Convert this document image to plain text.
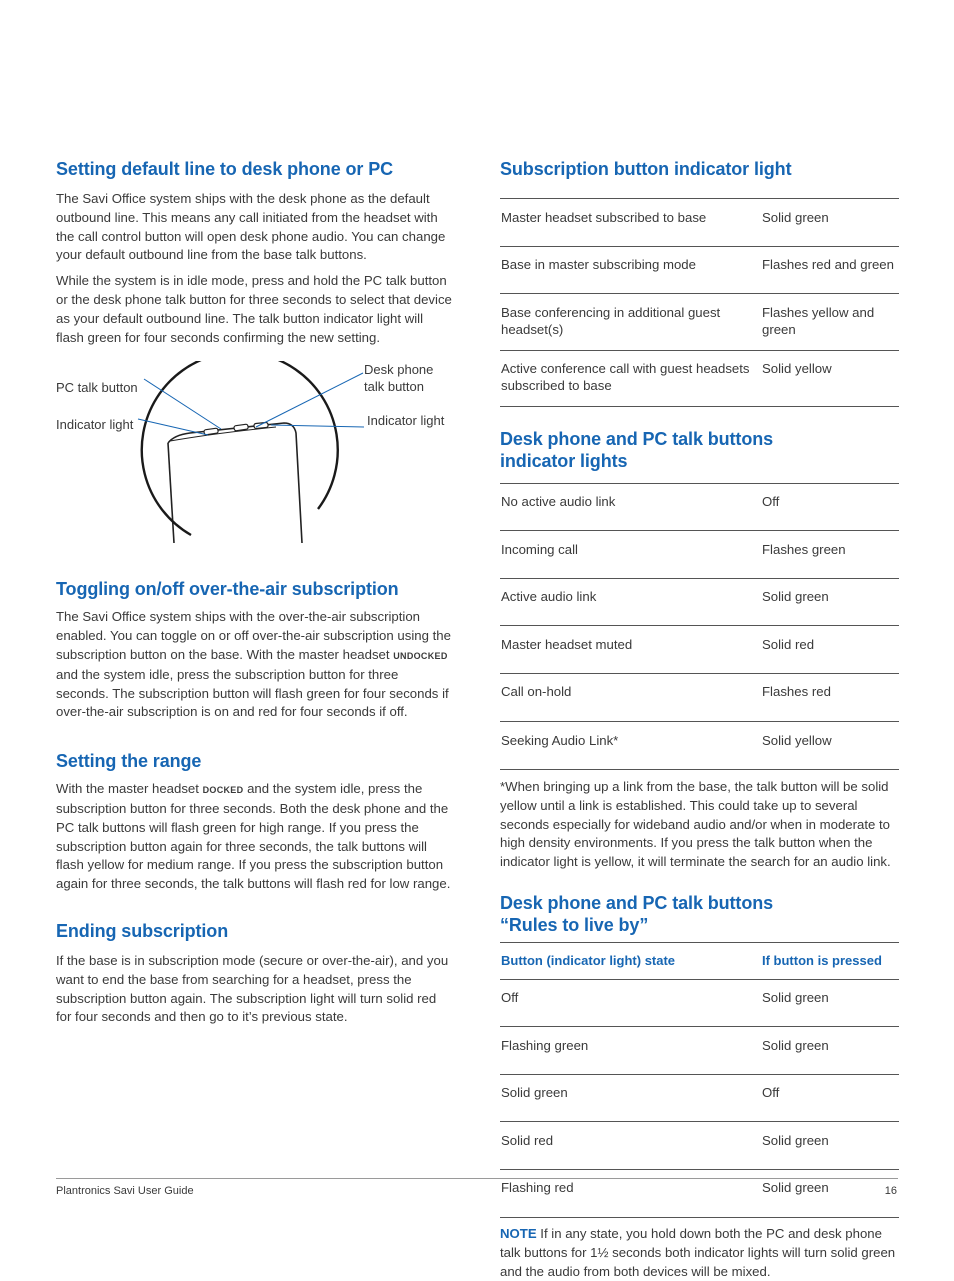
Setting default line to desk phone or PC

The Savi Office system ships with the desk phone as the default outbound line. This means any call initiated from the headset with the call control button will open desk phone audio. You can change your default outbound line from the base talk buttons.

While the system is in idle mode, press and hold the PC talk button or the desk phone talk button for three seconds to select that device as your default outbound line. The talk button indicator light will flash green for four seconds confirming the new setting.

PC talk button
Indicator light
Desk phone
talk button
Indicator light
Toggling on/off over-the-air subscription

The Savi Office system ships with the over-the-air subscription enabled. You can toggle on or off over-the-air subscription using the subscription button on the base. With the master headset UNDOCKED and the system idle, press the subscription button for three seconds. The subscription button will flash green for four seconds if over-the-air subscription is on and red for four seconds if off.

Setting the range

With the master headset DOCKED and the system idle, press the subscription button for three seconds. Both the desk phone and the PC talk buttons will flash green for high range. If you press the subscription button again for three seconds, the talk buttons will flash yellow for medium range. If you press the subscription button again for three seconds, the talk buttons will flash red for low range.

Ending subscription

If the base is in subscription mode (secure or over-the-air), and you want to end the base from searching for a headset, press the subscription button again. The subscription light will turn solid red for four seconds and then go to it’s previous state.

Subscription button indicator light
Master headset subscribed to base	Solid green
Base in master subscribing mode	Flashes red and green
Base conferencing in additional guest headset(s)	Flashes yellow and green
Active conference call with guest headsets subscribed to base	Solid yellow
Desk phone and PC talk buttons
indicator lights
No active audio link	Off
Incoming call	Flashes green
Active audio link	Solid green
Master headset muted	Solid red
Call on-hold	Flashes red
Seeking Audio Link*	Solid yellow

*When bringing up a link from the base, the talk button will be solid yellow until a link is established. This could take up to several seconds especially for wideband audio and/or when in moderate to high density environments. If you press the talk button when the indicator light is yellow, it will terminate the search for an audio link.

Desk phone and PC talk buttons
“Rules to live by”
Button (indicator light) state	If button is pressed
Off	Solid green
Flashing green	Solid green
Solid green	Off
Solid red	Solid green
Flashing red	Solid green

NOTE If in any state, you hold down both the PC and desk phone talk buttons for 1½ seconds both indicator lights will turn solid green and the audio from both devices will be mixed.

Plantronics Savi User Guide	16
